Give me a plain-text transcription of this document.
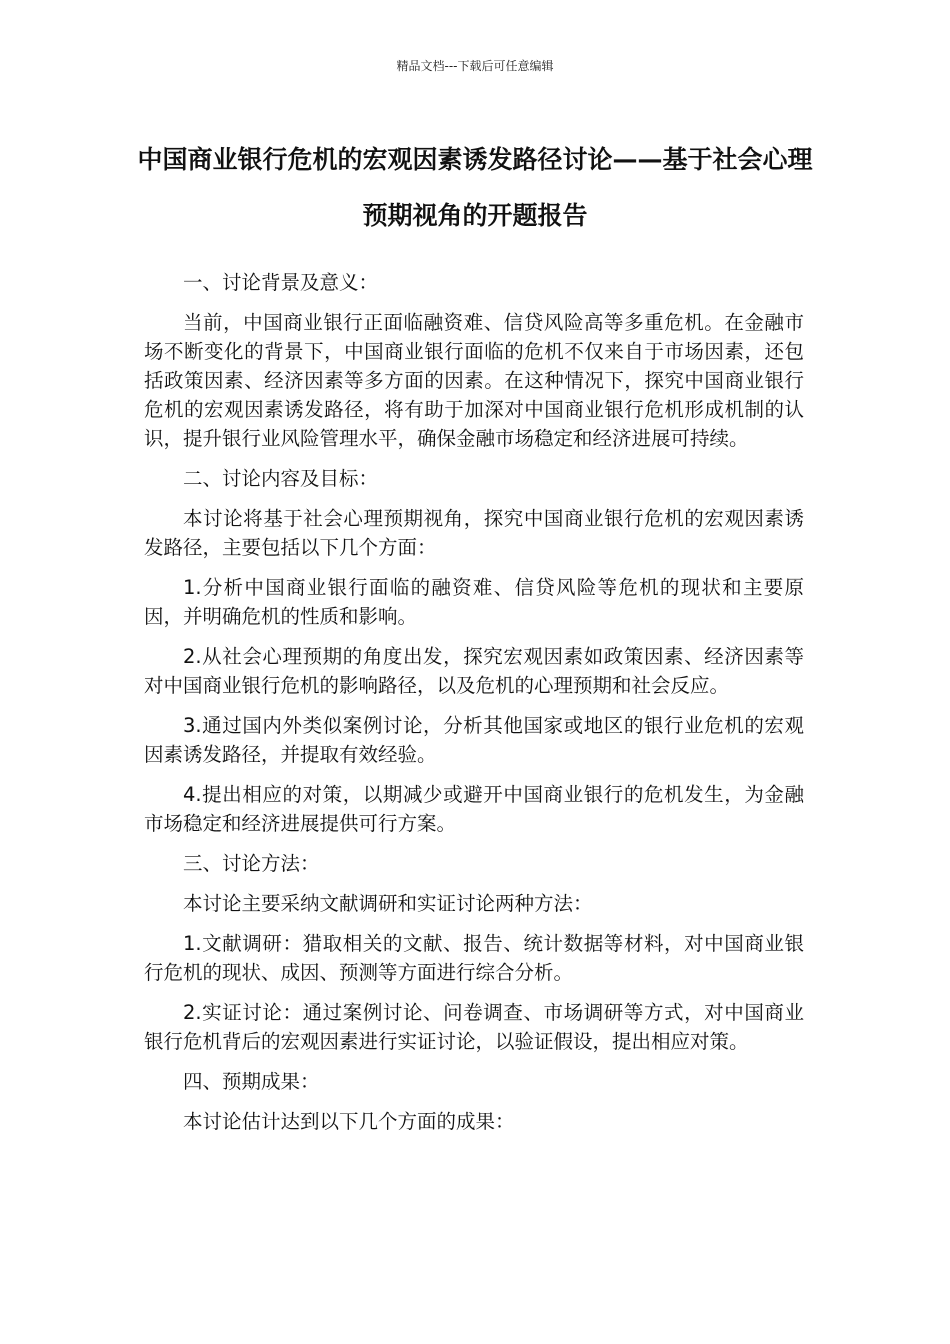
精品文档---下载后可任意编辑
中国商业银行危机的宏观因素诱发路径讨论——基于社会心理预期视角的开题报告

一、讨论背景及意义：

当前，中国商业银行正面临融资难、信贷风险高等多重危机。在金融市场不断变化的背景下，中国商业银行面临的危机不仅来自于市场因素，还包括政策因素、经济因素等多方面的因素。在这种情况下，探究中国商业银行危机的宏观因素诱发路径，将有助于加深对中国商业银行危机形成机制的认识，提升银行业风险管理水平，确保金融市场稳定和经济进展可持续。

二、讨论内容及目标：

本讨论将基于社会心理预期视角，探究中国商业银行危机的宏观因素诱发路径，主要包括以下几个方面：

1.分析中国商业银行面临的融资难、信贷风险等危机的现状和主要原因，并明确危机的性质和影响。

2.从社会心理预期的角度出发，探究宏观因素如政策因素、经济因素等对中国商业银行危机的影响路径，以及危机的心理预期和社会反应。

3.通过国内外类似案例讨论，分析其他国家或地区的银行业危机的宏观因素诱发路径，并提取有效经验。

4.提出相应的对策，以期减少或避开中国商业银行的危机发生，为金融市场稳定和经济进展提供可行方案。

三、讨论方法：

本讨论主要采纳文献调研和实证讨论两种方法：

1.文献调研：猎取相关的文献、报告、统计数据等材料，对中国商业银行危机的现状、成因、预测等方面进行综合分析。

2.实证讨论：通过案例讨论、问卷调查、市场调研等方式，对中国商业银行危机背后的宏观因素进行实证讨论，以验证假设，提出相应对策。

四、预期成果：

本讨论估计达到以下几个方面的成果：
